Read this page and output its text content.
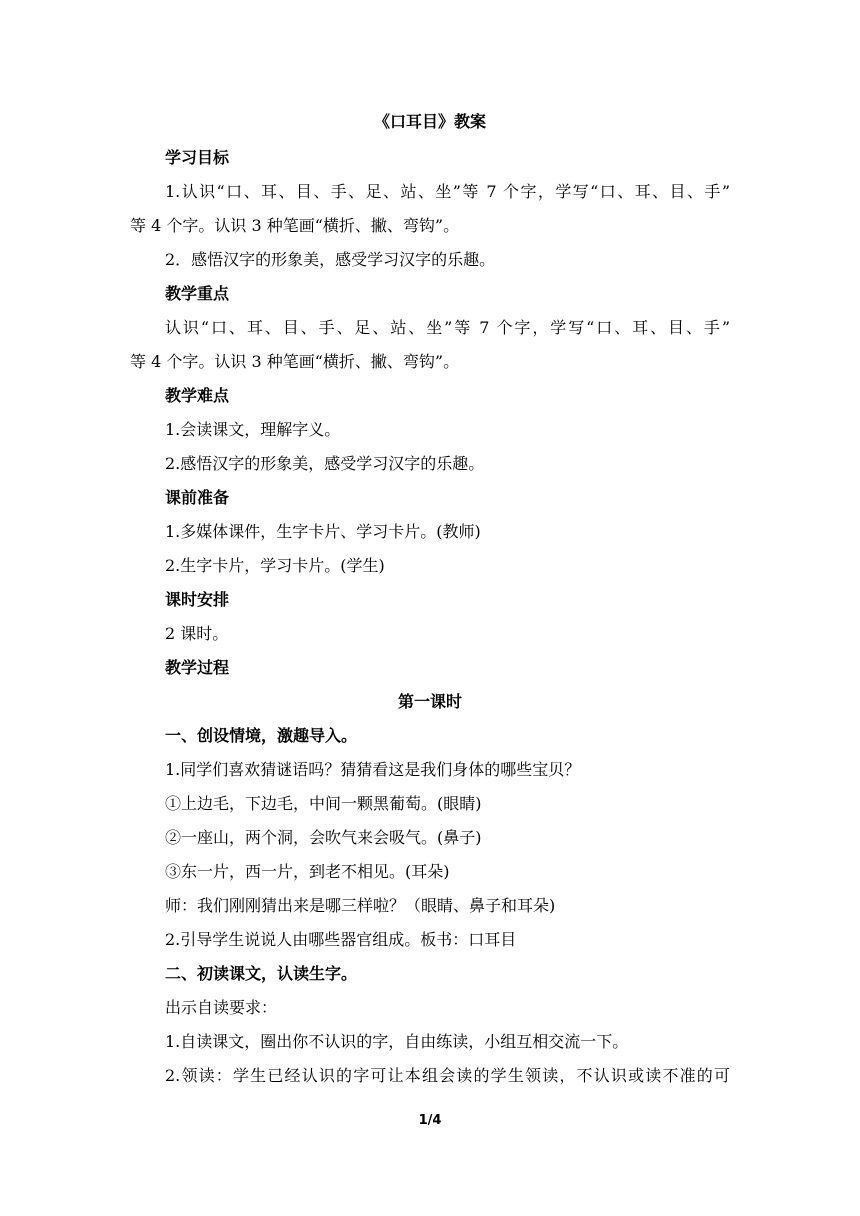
《口耳目》教案
学习目标
1.认识“口、耳、目、手、足、站、坐”等 7 个字，学写“口、耳、目、手”
等 4 个字。认识 3 种笔画“横折、撇、弯钩”。
2．感悟汉字的形象美，感受学习汉字的乐趣。
教学重点
认识“口、耳、目、手、足、站、坐”等 7 个字，学写“口、耳、目、手”
等 4 个字。认识 3 种笔画“横折、撇、弯钩”。
教学难点
1.会读课文，理解字义。
2.感悟汉字的形象美，感受学习汉字的乐趣。
课前准备
1.多媒体课件，生字卡片、学习卡片。(教师)
2.生字卡片，学习卡片。(学生)
课时安排
2 课时。
教学过程
第一课时
一、创设情境，激趣导入。
1.同学们喜欢猜谜语吗？猜猜看这是我们身体的哪些宝贝？
①上边毛，下边毛，中间一颗黑葡萄。(眼睛)
②一座山，两个洞，会吹气来会吸气。(鼻子)
③东一片，西一片，到老不相见。(耳朵)
师：我们刚刚猜出来是哪三样啦？（眼睛、鼻子和耳朵)
2.引导学生说说人由哪些器官组成。板书：口耳目
二、初读课文，认读生字。
出示自读要求：
1.自读课文，圈出你不认识的字，自由练读，小组互相交流一下。
2.领读：学生已经认识的字可让本组会读的学生领读，不认识或读不准的可
1/4
